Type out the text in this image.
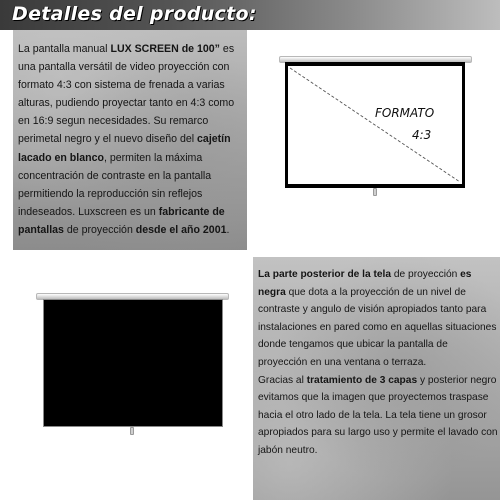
Detalles del producto:
La pantalla manual LUX SCREEN de 100” es una pantalla versátil de video proyección con formato 4:3 con sistema de frenada a varias alturas, pudiendo proyectar tanto en 4:3 como en 16:9 segun necesidades. Su remarco perimetal negro y el nuevo diseño del cajetín lacado en blanco, permiten la máxima concentración de contraste en la pantalla permitiendo la reproducción sin reflejos indeseados. Luxscreen es un fabricante de pantallas de proyección desde el año 2001.
FORMATO
4:3
La parte posterior de la tela de proyección es negra que dota a la proyección de un nivel de contraste y angulo de visión apropiados tanto para instalaciones en pared como en aquellas situaciones donde tengamos que ubicar la pantalla de proyección en una ventana o terraza.
Gracias al tratamiento de 3 capas y posterior negro evitamos que la imagen que proyectemos traspase hacia el otro lado de la tela. La tela tiene un grosor apropiados para su largo uso y permite el lavado con jabón neutro.
